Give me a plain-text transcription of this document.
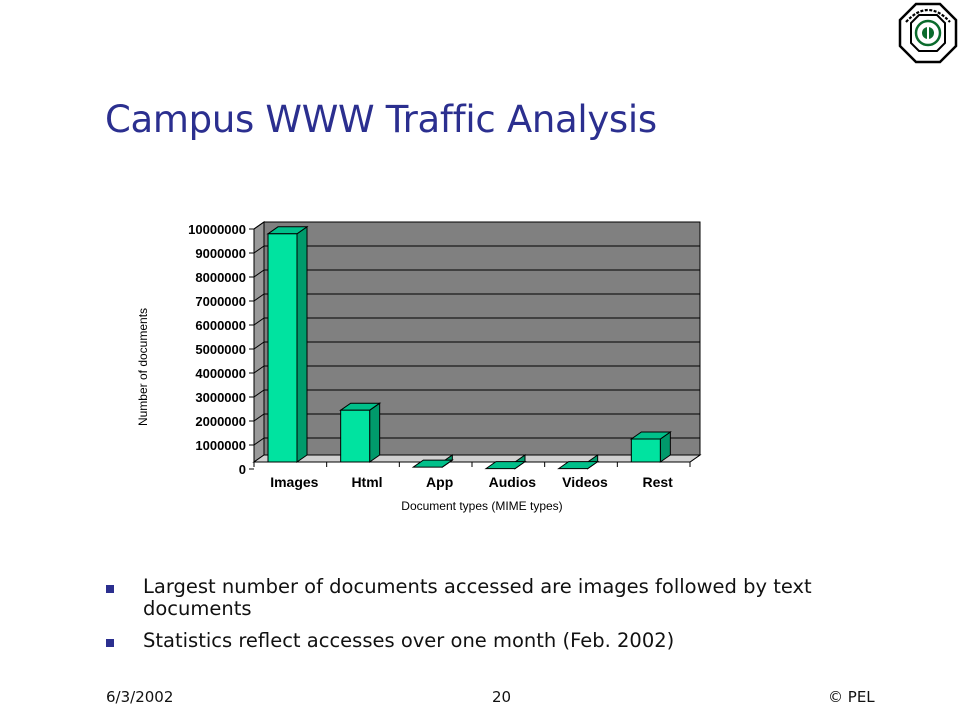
Campus WWW Traffic Analysis
0
1000000
2000000
3000000
4000000
5000000
6000000
7000000
8000000
9000000
10000000
Images Html	App	Audios Videos Rest
Document types (MIME types)
Number of documents
Largest number of documents accessed are images followed by text documents
Statistics reflect accesses over one month (Feb. 2002)
6/3/2002	20	© PEL
